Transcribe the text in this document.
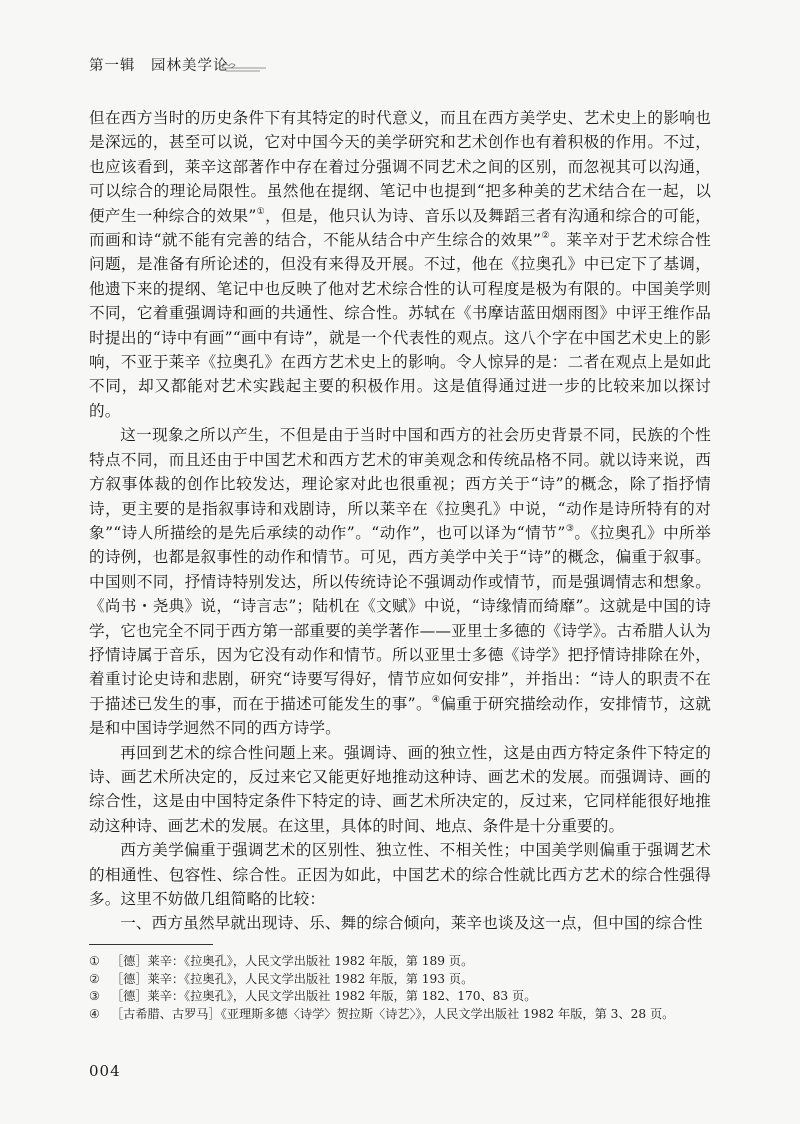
第一辑　园林美学论

但在西方当时的历史条件下有其特定的时代意义，而且在西方美学史、艺术史上的影响也是深远的，甚至可以说，它对中国今天的美学研究和艺术创作也有着积极的作用。不过，也应该看到，莱辛这部著作中存在着过分强调不同艺术之间的区别，而忽视其可以沟通，可以综合的理论局限性。虽然他在提纲、笔记中也提到“把多种美的艺术结合在一起，以便产生一种综合的效果”①，但是，他只认为诗、音乐以及舞蹈三者有沟通和综合的可能，而画和诗“就不能有完善的结合，不能从结合中产生综合的效果”②。莱辛对于艺术综合性问题，是准备有所论述的，但没有来得及开展。不过，他在《拉奥孔》中已定下了基调，他遗下来的提纲、笔记中也反映了他对艺术综合性的认可程度是极为有限的。中国美学则不同，它着重强调诗和画的共通性、综合性。苏轼在《书摩诘蓝田烟雨图》中评王维作品时提出的“诗中有画”“画中有诗”，就是一个代表性的观点。这八个字在中国艺术史上的影响，不亚于莱辛《拉奥孔》在西方艺术史上的影响。令人惊异的是：二者在观点上是如此不同，却又都能对艺术实践起主要的积极作用。这是值得通过进一步的比较来加以探讨的。

这一现象之所以产生，不但是由于当时中国和西方的社会历史背景不同，民族的个性特点不同，而且还由于中国艺术和西方艺术的审美观念和传统品格不同。就以诗来说，西方叙事体裁的创作比较发达，理论家对此也很重视；西方关于“诗”的概念，除了指抒情诗，更主要的是指叙事诗和戏剧诗，所以莱辛在《拉奥孔》中说，“动作是诗所特有的对象”“诗人所描绘的是先后承续的动作”。“动作”，也可以译为“情节”③。《拉奥孔》中所举的诗例，也都是叙事性的动作和情节。可见，西方美学中关于“诗”的概念，偏重于叙事。中国则不同，抒情诗特别发达，所以传统诗论不强调动作或情节，而是强调情志和想象。《尚书・尧典》说，“诗言志”；陆机在《文赋》中说，“诗缘情而绮靡”。这就是中国的诗学，它也完全不同于西方第一部重要的美学著作——亚里士多德的《诗学》。古希腊人认为抒情诗属于音乐，因为它没有动作和情节。所以亚里士多德《诗学》把抒情诗排除在外，着重讨论史诗和悲剧，研究“诗要写得好，情节应如何安排”，并指出：“诗人的职责不在于描述已发生的事，而在于描述可能发生的事”。④偏重于研究描绘动作，安排情节，这就是和中国诗学迥然不同的西方诗学。

再回到艺术的综合性问题上来。强调诗、画的独立性，这是由西方特定条件下特定的诗、画艺术所决定的，反过来它又能更好地推动这种诗、画艺术的发展。而强调诗、画的综合性，这是由中国特定条件下特定的诗、画艺术所决定的，反过来，它同样能很好地推动这种诗、画艺术的发展。在这里，具体的时间、地点、条件是十分重要的。

西方美学偏重于强调艺术的区别性、独立性、不相关性；中国美学则偏重于强调艺术的相通性、包容性、综合性。正因为如此，中国艺术的综合性就比西方艺术的综合性强得多。这里不妨做几组简略的比较：

一、西方虽然早就出现诗、乐、舞的综合倾向，莱辛也谈及这一点，但中国的综合性

① ［德］莱辛：《拉奥孔》，人民文学出版社 1982 年版，第 189 页。
② ［德］莱辛：《拉奥孔》，人民文学出版社 1982 年版，第 193 页。
③ ［德］莱辛：《拉奥孔》，人民文学出版社 1982 年版，第 182、170、83 页。
④ ［古希腊、古罗马］《亚理斯多德〈诗学〉贺拉斯〈诗艺〉》，人民文学出版社 1982 年版，第 3、28 页。
004
